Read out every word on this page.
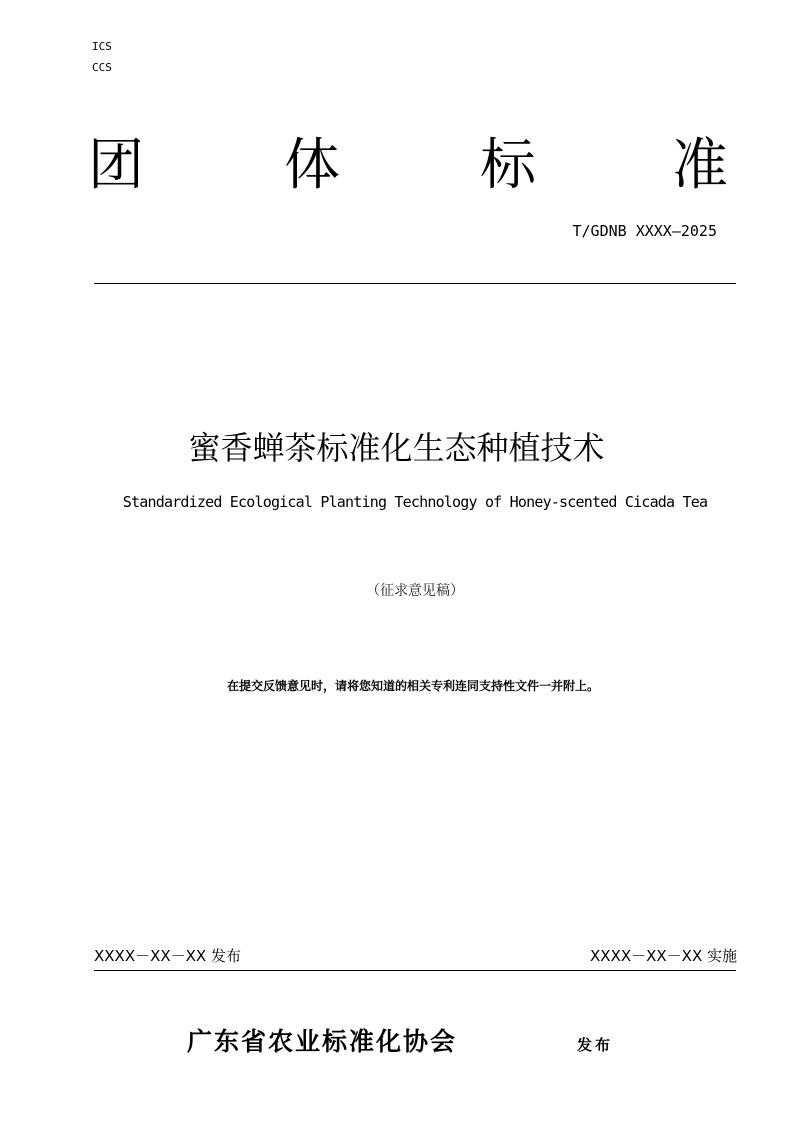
ICS
CCS
团	体	标 准
T/GDNB XXXX—2025
蜜香蝉茶标准化生态种植技术
Standardized Ecological Planting Technology of Honey-scented Cicada Tea
（征求意见稿）
在提交反馈意见时，请将您知道的相关专利连同支持性文件一并附上。
XXXX－XX－XX 发布	XXXX－XX－XX 实施
广东省农业标准化协会	发布
